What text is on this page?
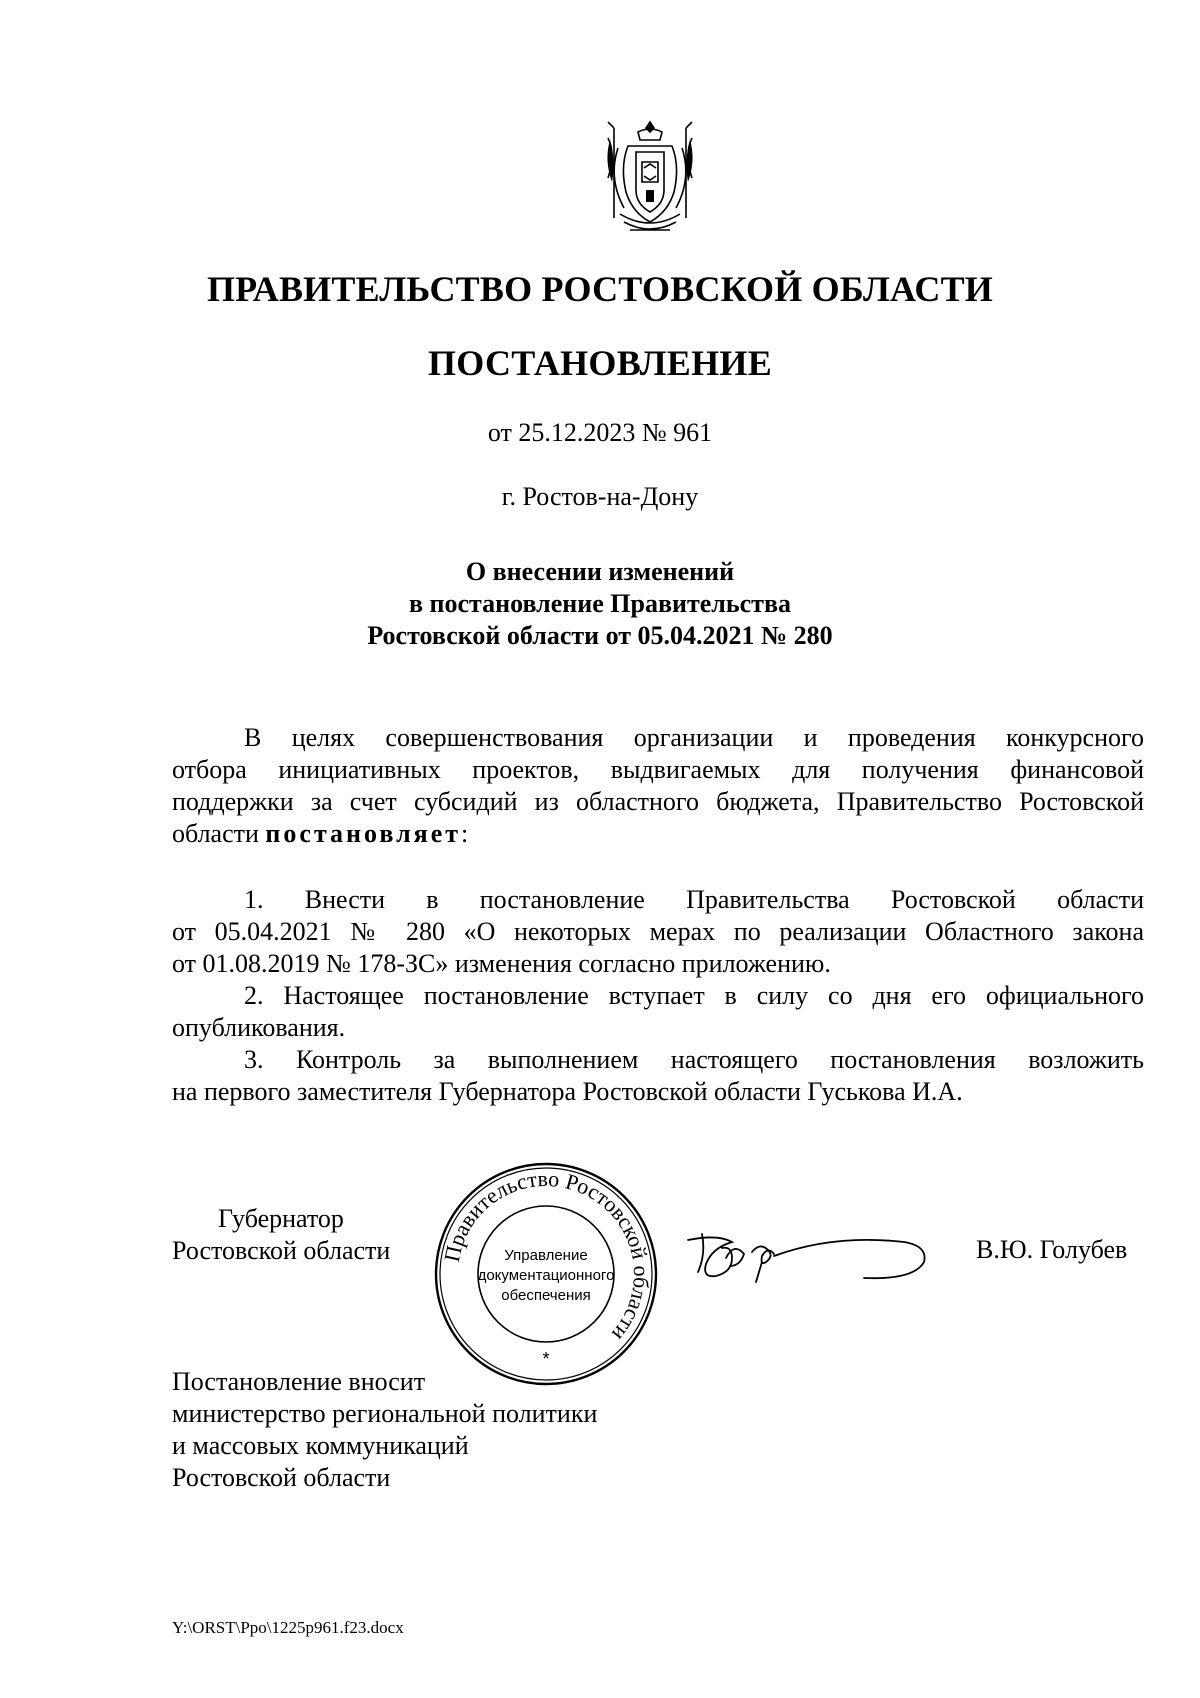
ПРАВИТЕЛЬСТВО РОСТОВСКОЙ ОБЛАСТИ
ПОСТАНОВЛЕНИЕ
от 25.12.2023 № 961
г. Ростов-на-Дону
О внесении изменений
в постановление Правительства
Ростовской области от 05.04.2021 № 280
В целях совершенствования организации и проведения конкурсного
отбора инициативных проектов, выдвигаемых для получения финансовой
поддержки за счет субсидий из областного бюджета, Правительство Ростовской
области постановляет:
1. Внести в постановление Правительства Ростовской области
от 05.04.2021 № 280 «О некоторых мерах по реализации Областного закона
от 01.08.2019 № 178-ЗС» изменения согласно приложению.
2. Настоящее постановление вступает в силу со дня его официального
опубликования.
3. Контроль за выполнением настоящего постановления возложить
на первого заместителя Губернатора Ростовской области Гуськова И.А.
Губернатор
Ростовской области Правительство Ростовской области
Управление
документационного
обеспечения
*
В.Ю. Голубев
Постановление вносит
министерство региональной политики
и массовых коммуникаций
Ростовской области
Y:\ORST\Ppo\1225p961.f23.docx
